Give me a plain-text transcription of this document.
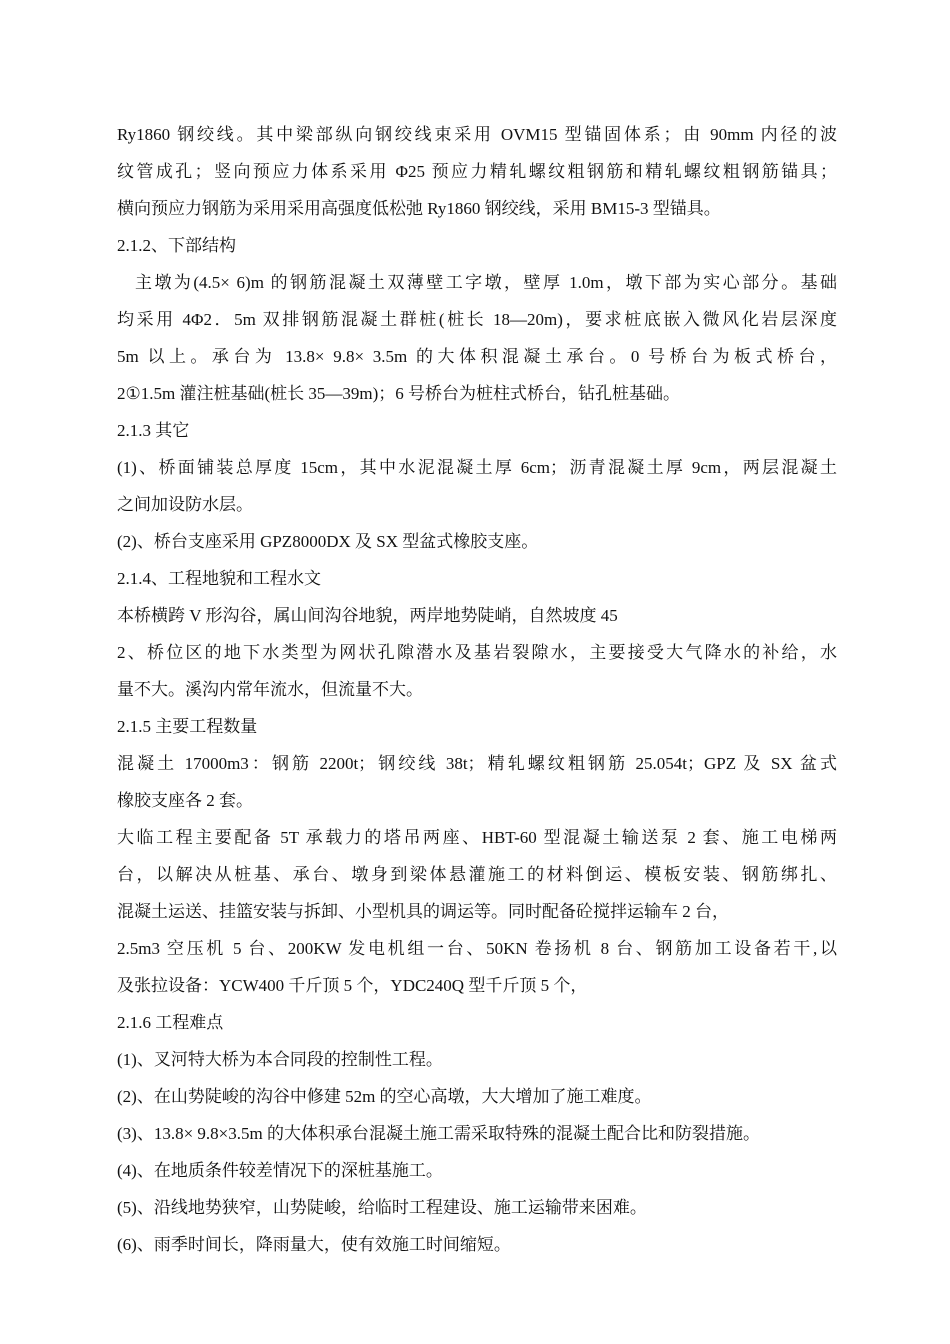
Ry1860 钢绞线。其中梁部纵向钢绞线束采用 OVM15 型锚固体系；由 90mm 内径的波
纹管成孔；竖向预应力体系采用 Φ25 预应力精轧螺纹粗钢筋和精轧螺纹粗钢筋锚具；
横向预应力钢筋为采用采用高强度低松弛 Ry1860 钢绞线，采用 BM15-3 型锚具。
2.1.2、下部结构
主墩为(4.5× 6)m 的钢筋混凝土双薄壁工字墩，壁厚 1.0m，墩下部为实心部分。基础
均采用 4Φ2．5m 双排钢筋混凝土群桩(桩长 18—20m)，要求桩底嵌入微风化岩层深度
5m 以上。承台为 13.8× 9.8× 3.5m 的大体积混凝土承台。0 号桥台为板式桥台，
2①1.5m 灌注桩基础(桩长 35—39m)；6 号桥台为桩柱式桥台，钻孔桩基础。
2.1.3 其它
(1)、桥面铺装总厚度 15cm，其中水泥混凝土厚 6cm；沥青混凝土厚 9cm，两层混凝土
之间加设防水层。
(2)、桥台支座采用 GPZ8000DX 及 SX 型盆式橡胶支座。
2.1.4、工程地貌和工程水文
本桥横跨 V 形沟谷，属山间沟谷地貌，两岸地势陡峭，自然坡度 45
2、桥位区的地下水类型为网状孔隙潜水及基岩裂隙水，主要接受大气降水的补给，水
量不大。溪沟内常年流水，但流量不大。
2.1.5 主要工程数量
混凝土 17000m3：钢筋 2200t；钢绞线 38t；精轧螺纹粗钢筋 25.054t；GPZ 及 SX 盆式
橡胶支座各 2 套。
大临工程主要配备 5T 承载力的塔吊两座、HBT-60 型混凝土输送泵 2 套、施工电梯两
台，以解决从桩基、承台、墩身到梁体悬灌施工的材料倒运、模板安装、钢筋绑扎、
混凝土运送、挂篮安装与拆卸、小型机具的调运等。同时配备砼搅拌运输车 2 台，
2.5m3 空压机 5 台、200KW 发电机组一台、50KN 卷扬机 8 台、钢筋加工设备若干,以
及张拉设备：YCW400 千斤顶 5 个，YDC240Q 型千斤顶 5 个，
2.1.6 工程难点
(1)、叉河特大桥为本合同段的控制性工程。
(2)、在山势陡峻的沟谷中修建 52m 的空心高墩，大大增加了施工难度。
(3)、13.8× 9.8×3.5m 的大体积承台混凝土施工需采取特殊的混凝土配合比和防裂措施。
(4)、在地质条件较差情况下的深桩基施工。
(5)、沿线地势狭窄，山势陡峻，给临时工程建设、施工运输带来困难。
(6)、雨季时间长，降雨量大，使有效施工时间缩短。
